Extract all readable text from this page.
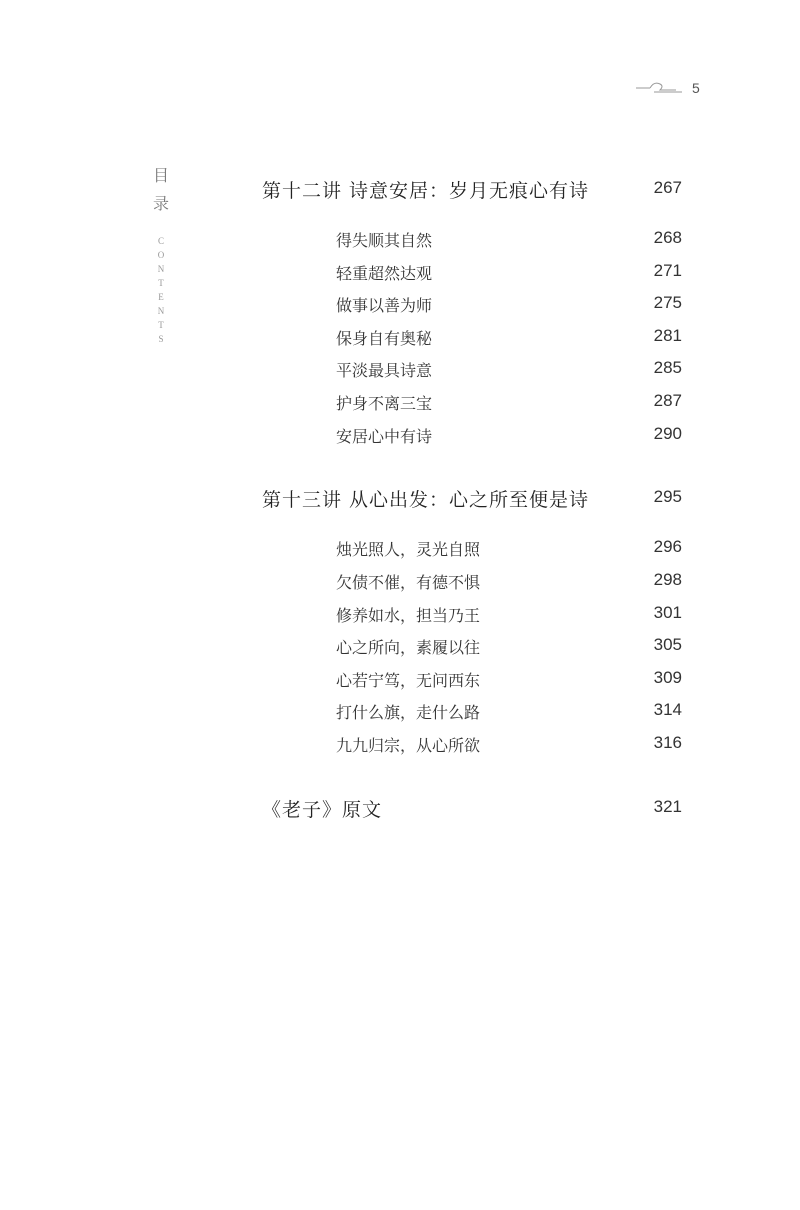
5
目
录
C
O
N
T
E
N
T
S
第十二讲 诗意安居：岁月无痕心有诗	267
得失顺其自然	268
轻重超然达观	271
做事以善为师	275
保身自有奥秘	281
平淡最具诗意	285
护身不离三宝	287
安居心中有诗	290
第十三讲 从心出发：心之所至便是诗	295
烛光照人，灵光自照	296
欠债不催，有德不惧	298
修养如水，担当乃王	301
心之所向，素履以往	305
心若宁笃，无问西东	309
打什么旗，走什么路	314
九九归宗，从心所欲	316
《老子》原文	321
